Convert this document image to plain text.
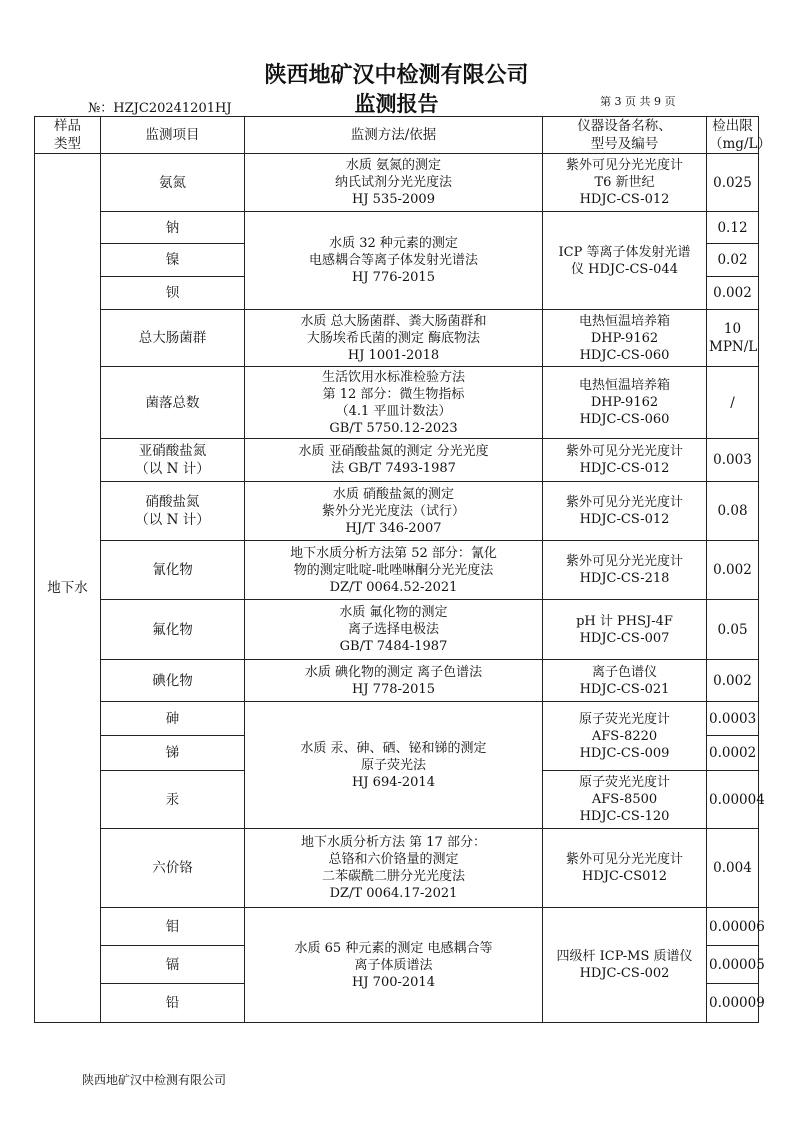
陕西地矿汉中检测有限公司
监测报告
№：HZJC20241201HJ	第 3 页 共 9 页
样品
类型	监测项目	监测方法/依据	仪器设备名称、
型号及编号	检出限
（mg/L）

地下水	氨氮	水质 氨氮的测定
纳氏试剂分光光度法
HJ 535-2009	紫外可见分光光度计
T6 新世纪
HDJC-CS-012	0.025
	钠	水质 32 种元素的测定
电感耦合等离子体发射光谱法
HJ 776-2015	ICP 等离子体发射光谱
仪 HDJC-CS-044	0.12
	镍			0.02
	钡			0.002
	总大肠菌群	水质 总大肠菌群、粪大肠菌群和
大肠埃希氏菌的测定 酶底物法
HJ 1001-2018	电热恒温培养箱
DHP-9162
HDJC-CS-060	10
MPN/L

	菌落总数	生活饮用水标准检验方法
第 12 部分：微生物指标
（4.1 平皿计数法）
GB/T 5750.12-2023	电热恒温培养箱
DHP-9162
HDJC-CS-060	/

	亚硝酸盐氮
（以 N 计）	水质 亚硝酸盐氮的测定 分光光度
法 GB/T 7493-1987	紫外可见分光光度计
HDJC-CS-012	0.003

	硝酸盐氮
（以 N 计）	水质 硝酸盐氮的测定
紫外分光光度法（试行）
HJ/T 346-2007	紫外可见分光光度计
HDJC-CS-012	0.08
	氰化物	地下水质分析方法第 52 部分：氰化
物的测定吡啶-吡唑啉酮分光光度法
DZ/T 0064.52-2021	紫外可见分光光度计
HDJC-CS-218	0.002
	氟化物	水质 氟化物的测定
离子选择电极法
GB/T 7484-1987	pH 计 PHSJ-4F
HDJC-CS-007	0.05
	碘化物	水质 碘化物的测定 离子色谱法
HJ 778-2015	离子色谱仪
HDJC-CS-021	0.002
	砷	水质 汞、砷、硒、铋和锑的测定
原子荧光法
HJ 694-2014	原子荧光光度计
AFS-8220
HDJC-CS-009	0.0003
	锑			0.0002
	汞		原子荧光光度计
AFS-8500
HDJC-CS-120	0.00004
	六价铬	地下水质分析方法 第 17 部分：
总铬和六价铬量的测定
二苯碳酰二肼分光光度法
DZ/T 0064.17-2021	紫外可见分光光度计
HDJC-CS012	0.004
	钼	水质 65 种元素的测定 电感耦合等
离子体质谱法
HJ 700-2014	四级杆 ICP-MS 质谱仪
HDJC-CS-002	0.00006
	镉			0.00005
	铅			0.00009
陕西地矿汉中检测有限公司
